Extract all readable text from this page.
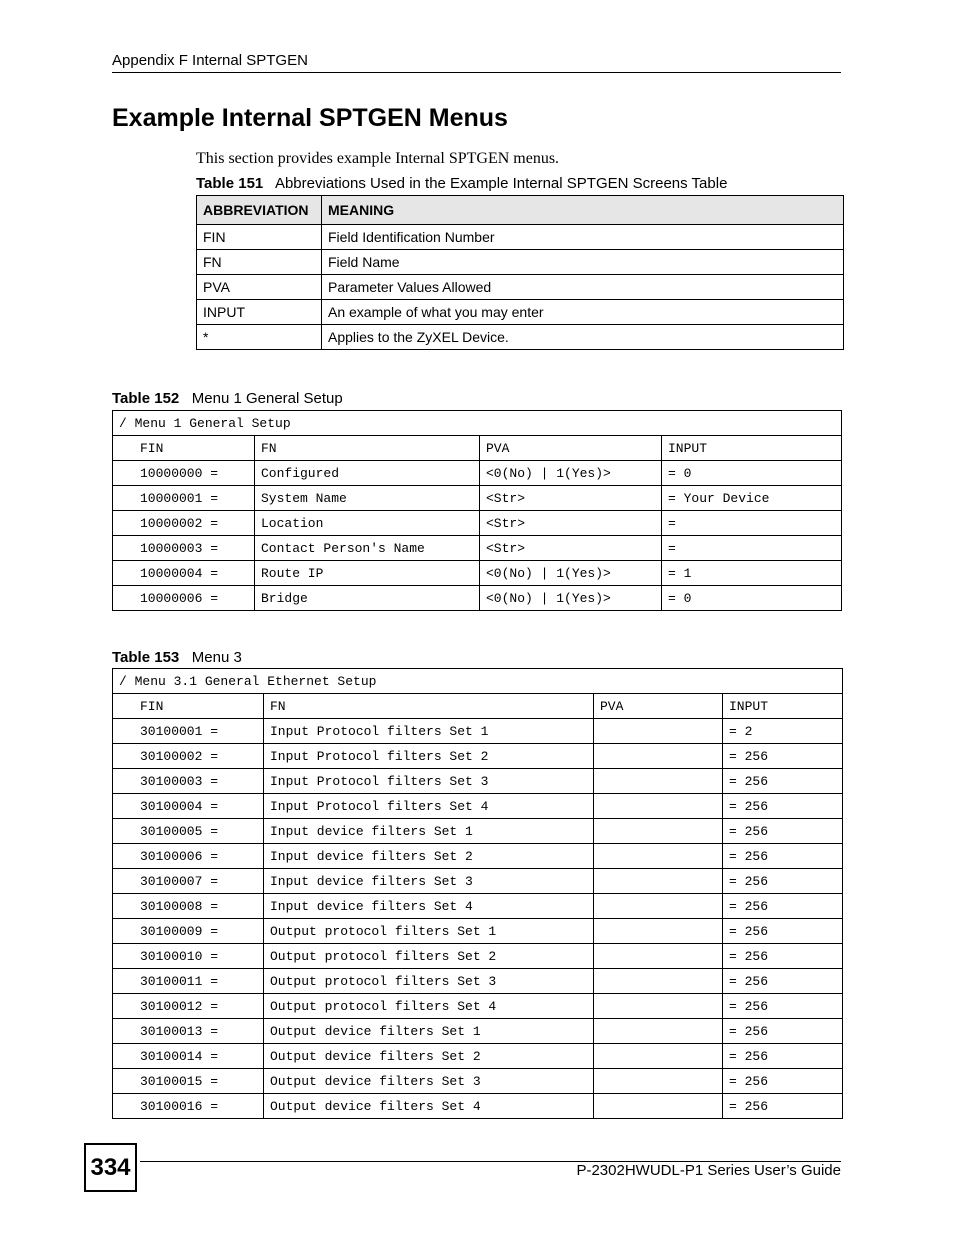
Appendix F Internal SPTGEN
Example Internal SPTGEN Menus
This section provides example Internal SPTGEN menus.
Table 151 Abbreviations Used in the Example Internal SPTGEN Screens Table
ABBREVIATION	MEANING
FIN	Field Identification Number
FN	Field Name
PVA	Parameter Values Allowed
INPUT	An example of what you may enter
*	Applies to the ZyXEL Device.
Table 152 Menu 1 General Setup
/ Menu 1 General Setup			
FIN	FN	PVA	INPUT
10000000 =	Configured	<0(No) | 1(Yes)>	= 0
10000001 =	System Name	<Str>	= Your Device
10000002 =	Location	<Str>	=
10000003 =	Contact Person's Name	<Str>	=
10000004 =	Route IP	<0(No) | 1(Yes)>	= 1
10000006 =	Bridge	<0(No) | 1(Yes)>	= 0
Table 153 Menu 3
/ Menu 3.1 General Ethernet Setup			
FIN	FN	PVA	INPUT
30100001 =	Input Protocol filters Set 1		= 2
30100002 =	Input Protocol filters Set 2		= 256
30100003 =	Input Protocol filters Set 3		= 256
30100004 =	Input Protocol filters Set 4		= 256
30100005 =	Input device filters Set 1		= 256
30100006 =	Input device filters Set 2		= 256
30100007 =	Input device filters Set 3		= 256
30100008 =	Input device filters Set 4		= 256
30100009 =	Output protocol filters Set 1		= 256
30100010 =	Output protocol filters Set 2		= 256
30100011 =	Output protocol filters Set 3		= 256
30100012 =	Output protocol filters Set 4		= 256
30100013 =	Output device filters Set 1		= 256
30100014 =	Output device filters Set 2		= 256
30100015 =	Output device filters Set 3		= 256
30100016 =	Output device filters Set 4		= 256
334	P-2302HWUDL-P1 Series User’s Guide
